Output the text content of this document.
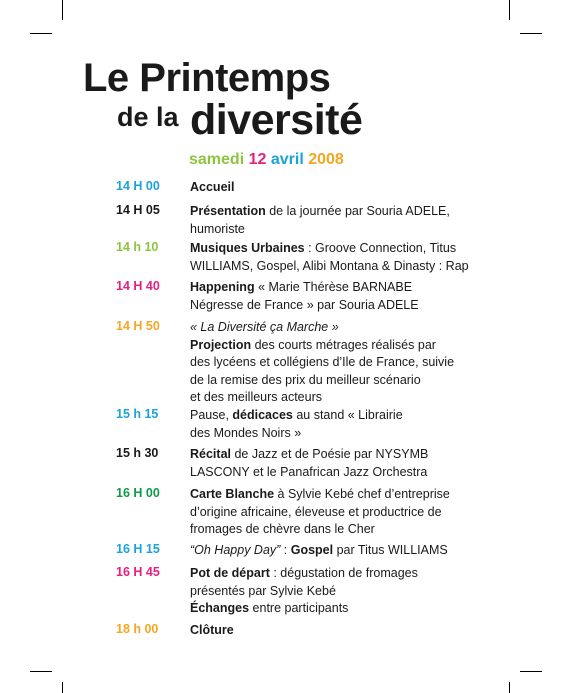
Le Printemps
de la diversité
samedi 12 avril 2008
14 H 00 Accueil

14 H 05 Présentation de la journée par Souria ADELE,

humoriste

14 h 10	Musiques Urbaines : Groove Connection, Titus

WILLIAMS, Gospel, Alibi Montana & Dinasty : Rap

14 H 40 Happening « Marie Thérèse BARNABE

Négresse de France » par Souria ADELE

14 H 50 « La Diversité ça Marche »

Projection des courts métrages réalisés par

des lycéens et collégiens d’Ile de France, suivie

de la remise des prix du meilleur scénario

et des meilleurs acteurs

15 h 15	Pause, dédicaces au stand « Librairie

des Mondes Noirs »

15 h 30	Récital de Jazz et de Poésie par NYSYMB

LASCONY et le Panafrican Jazz Orchestra

16 H 00 Carte Blanche à Sylvie Kebé chef d’entreprise

d’origine africaine, éleveuse et productrice de

fromages de chèvre dans le Cher

16 H 15 “Oh Happy Day” : Gospel par Titus WILLIAMS

16 H 45 Pot de départ : dégustation de fromages

présentés par Sylvie Kebé

Échanges entre participants

18 h 00	Clôture
